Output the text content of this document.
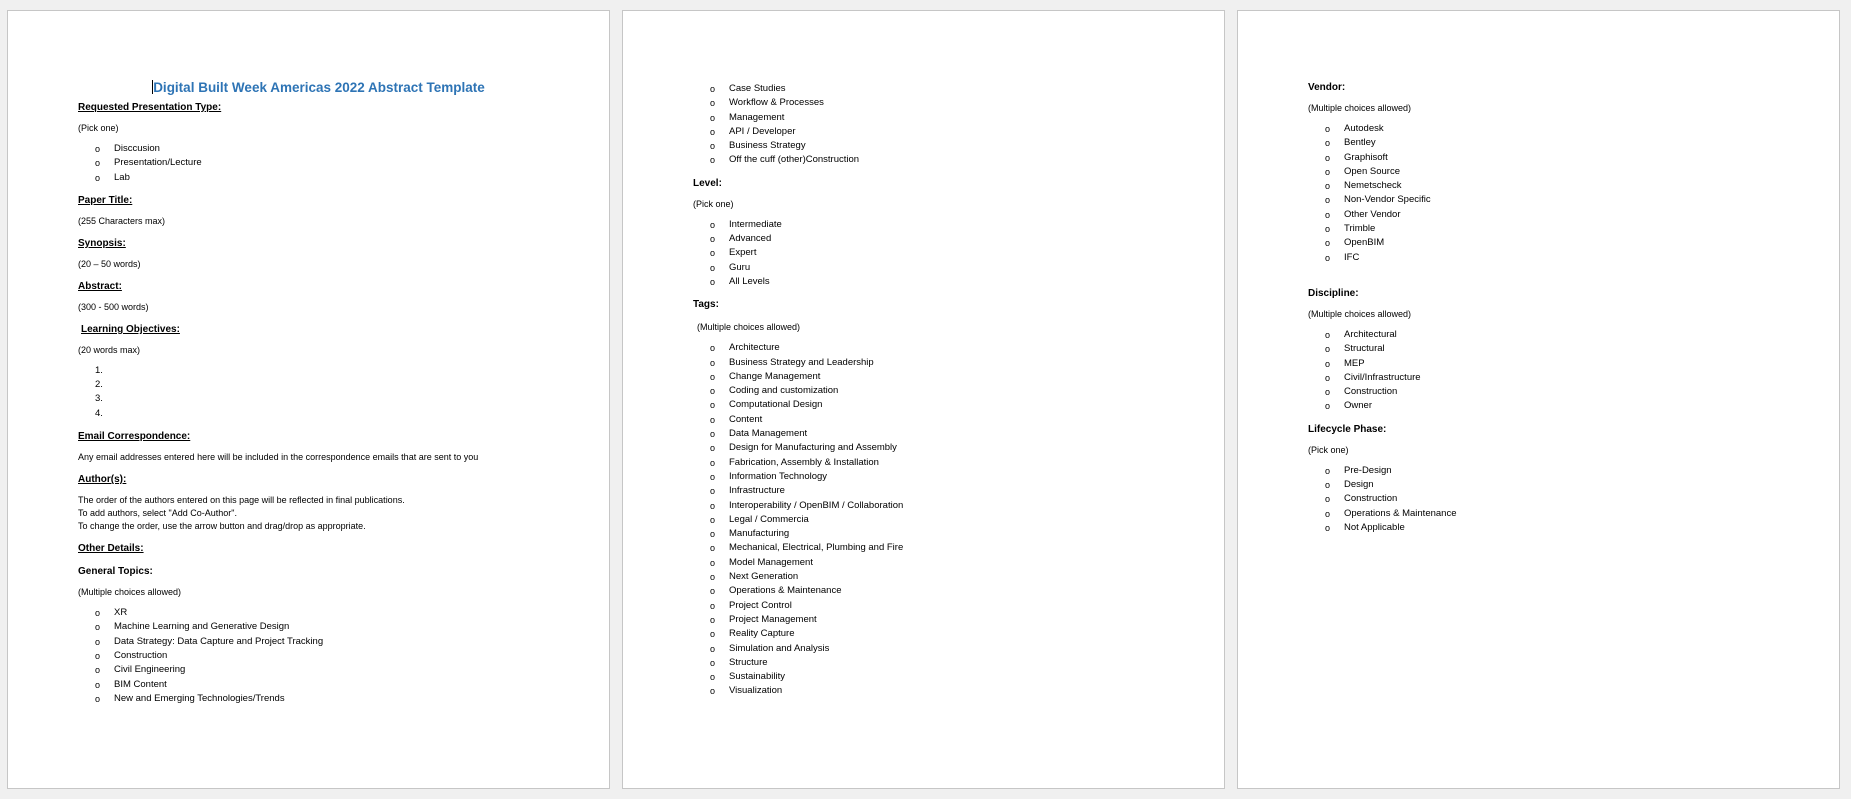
Digital Built Week Americas 2022 Abstract Template

Requested Presentation Type:

(Pick one)

o Disccusion
o Presentation/Lecture
o Lab

Paper Title:

(255 Characters max)

Synopsis:

(20 – 50 words)

Abstract:

(300 - 500 words)

Learning Objectives:

(20 words max)

1.

2.

3.

4.

Email Correspondence:

Any email addresses entered here will be included in the correspondence emails that are sent to you

Author(s):

The order of the authors entered on this page will be reflected in final publications.

To add authors, select "Add Co-Author".

To change the order, use the arrow button and drag/drop as appropriate.

Other Details:

General Topics:

(Multiple choices allowed)

o XR
o Machine Learning and Generative Design
o Data Strategy: Data Capture and Project Tracking
o Construction
o Civil Engineering
o BIM Content
o New and Emerging Technologies/Trends
o Case Studies
o Workflow & Processes
o Management
o API / Developer
o Business Strategy
o Off the cuff (other)Construction

Level:

(Pick one)

o Intermediate
o Advanced
o Expert
o Guru
o All Levels

Tags:

(Multiple choices allowed)

o Architecture
o Business Strategy and Leadership
o Change Management
o Coding and customization
o Computational Design
o Content
o Data Management
o Design for Manufacturing and Assembly
o Fabrication, Assembly & Installation
o Information Technology
o Infrastructure
o Interoperability / OpenBIM / Collaboration
o Legal / Commercia
o Manufacturing
o Mechanical, Electrical, Plumbing and Fire
o Model Management
o Next Generation
o Operations & Maintenance
o Project Control
o Project Management
o Reality Capture
o Simulation and Analysis
o Structure
o Sustainability
o Visualization

Vendor:

(Multiple choices allowed)

o Autodesk
o Bentley
o Graphisoft
o Open Source
o Nemetscheck
o Non-Vendor Specific
o Other Vendor
o Trimble
o OpenBIM
o IFC

Discipline:

(Multiple choices allowed)

o Architectural
o Structural
o MEP
o Civil/Infrastructure
o Construction
o Owner

Lifecycle Phase:

(Pick one)

o Pre-Design
o Design
o Construction
o Operations & Maintenance
o Not Applicable
